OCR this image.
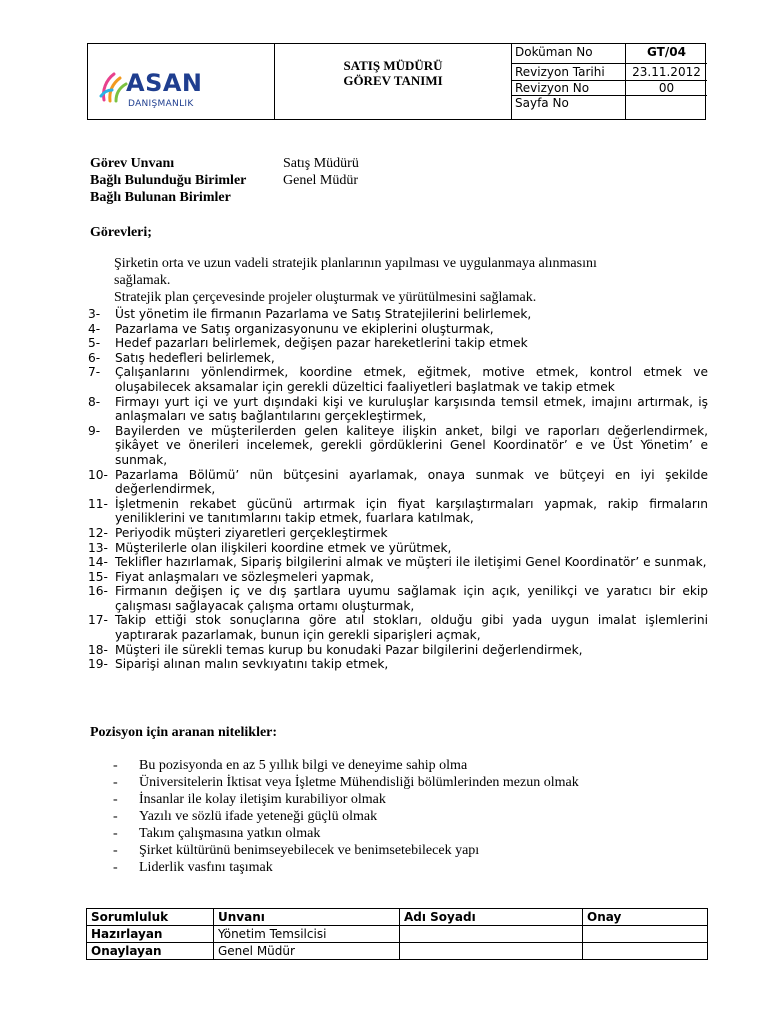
ASAN
DANIŞMANLIK
SATIŞ MÜDÜRÜ
GÖREV TANIMI
Doküman No	GT/04
Revizyon Tarihi	23.11.2012
Revizyon No	00
Sayfa No
Görev Unvanı	Satış Müdürü
Bağlı Bulunduğu Birimler	Genel Müdür
Bağlı Bulunan Birimler
Görevleri;
Şirketin orta ve uzun vadeli stratejik planlarının yapılması ve uygulanmaya alınmasını
sağlamak.
Stratejik plan çerçevesinde projeler oluşturmak ve yürütülmesini sağlamak.
3- Üst yönetim ile firmanın Pazarlama ve Satış Stratejilerini belirlemek,
4- Pazarlama ve Satış organizasyonunu ve ekiplerini oluşturmak,
5- Hedef pazarları belirlemek, değişen pazar hareketlerini takip etmek
6- Satış hedefleri belirlemek,
7- Çalışanlarını yönlendirmek, koordine etmek, eğitmek, motive etmek, kontrol etmek ve oluşabilecek aksamalar için gerekli düzeltici faaliyetleri başlatmak ve takip etmek
8- Firmayı yurt içi ve yurt dışındaki kişi ve kuruluşlar karşısında temsil etmek, imajını artırmak, iş anlaşmaları ve satış bağlantılarını gerçekleştirmek,
9- Bayilerden ve müşterilerden gelen kaliteye ilişkin anket, bilgi ve raporları değerlendirmek, şikâyet ve önerileri incelemek, gerekli gördüklerini Genel Koordinatör’ e ve Üst Yönetim’ e sunmak,
10- Pazarlama Bölümü’ nün bütçesini ayarlamak, onaya sunmak ve bütçeyi en iyi şekilde değerlendirmek,
11- İşletmenin rekabet gücünü artırmak için fiyat karşılaştırmaları yapmak, rakip firmaların yeniliklerini ve tanıtımlarını takip etmek, fuarlara katılmak,
12- Periyodik müşteri ziyaretleri gerçekleştirmek
13- Müşterilerle olan ilişkileri koordine etmek ve yürütmek,
14- Teklifler hazırlamak, Sipariş bilgilerini almak ve müşteri ile iletişimi Genel Koordinatör’ e sunmak,
15- Fiyat anlaşmaları ve sözleşmeleri yapmak,
16- Firmanın değişen iç ve dış şartlara uyumu sağlamak için açık, yenilikçi ve yaratıcı bir ekip çalışması sağlayacak çalışma ortamı oluşturmak,
17- Takip ettiği stok sonuçlarına göre atıl stokları, olduğu gibi yada uygun imalat işlemlerini yaptırarak pazarlamak, bunun için gerekli siparişleri açmak,
18- Müşteri ile sürekli temas kurup bu konudaki Pazar bilgilerini değerlendirmek,
19- Siparişi alınan malın sevkıyatını takip etmek,
Pozisyon için aranan nitelikler:
- Bu pozisyonda en az 5 yıllık bilgi ve deneyime sahip olma
- Üniversitelerin İktisat veya İşletme Mühendisliği bölümlerinden mezun olmak
- İnsanlar ile kolay iletişim kurabiliyor olmak
- Yazılı ve sözlü ifade yeteneği güçlü olmak
- Takım çalışmasına yatkın olmak
- Şirket kültürünü benimseyebilecek ve benimsetebilecek yapı
- Liderlik vasfını taşımak
Sorumluluk	Unvanı	Adı Soyadı	Onay
Hazırlayan	Yönetim Temsilcisi		
Onaylayan	Genel Müdür		
